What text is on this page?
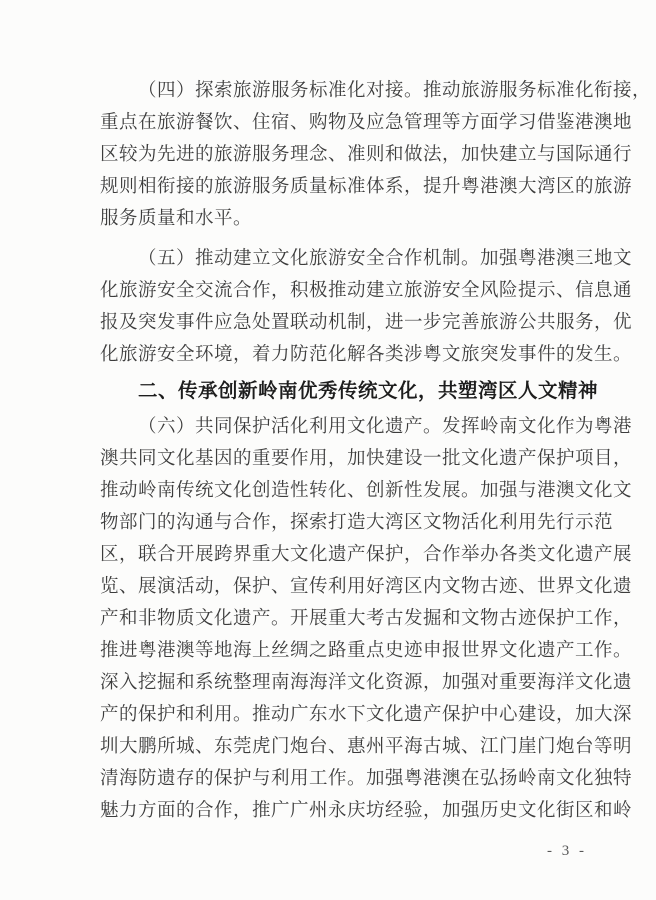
（四）探索旅游服务标准化对接。推动旅游服务标准化衔接，
重点在旅游餐饮、住宿、购物及应急管理等方面学习借鉴港澳地
区较为先进的旅游服务理念、准则和做法，加快建立与国际通行
规则相衔接的旅游服务质量标准体系，提升粤港澳大湾区的旅游
服务质量和水平。
（五）推动建立文化旅游安全合作机制。加强粤港澳三地文
化旅游安全交流合作，积极推动建立旅游安全风险提示、信息通
报及突发事件应急处置联动机制，进一步完善旅游公共服务，优
化旅游安全环境，着力防范化解各类涉粤文旅突发事件的发生。
二、传承创新岭南优秀传统文化，共塑湾区人文精神
（六）共同保护活化利用文化遗产。发挥岭南文化作为粤港
澳共同文化基因的重要作用，加快建设一批文化遗产保护项目，
推动岭南传统文化创造性转化、创新性发展。加强与港澳文化文
物部门的沟通与合作，探索打造大湾区文物活化利用先行示范
区，联合开展跨界重大文化遗产保护，合作举办各类文化遗产展
览、展演活动，保护、宣传利用好湾区内文物古迹、世界文化遗
产和非物质文化遗产。开展重大考古发掘和文物古迹保护工作，
推进粤港澳等地海上丝绸之路重点史迹申报世界文化遗产工作。
深入挖掘和系统整理南海海洋文化资源，加强对重要海洋文化遗
产的保护和利用。推动广东水下文化遗产保护中心建设，加大深
圳大鹏所城、东莞虎门炮台、惠州平海古城、江门崖门炮台等明
清海防遗存的保护与利用工作。加强粤港澳在弘扬岭南文化独特
魅力方面的合作，推广广州永庆坊经验，加强历史文化街区和岭
- 3 -
